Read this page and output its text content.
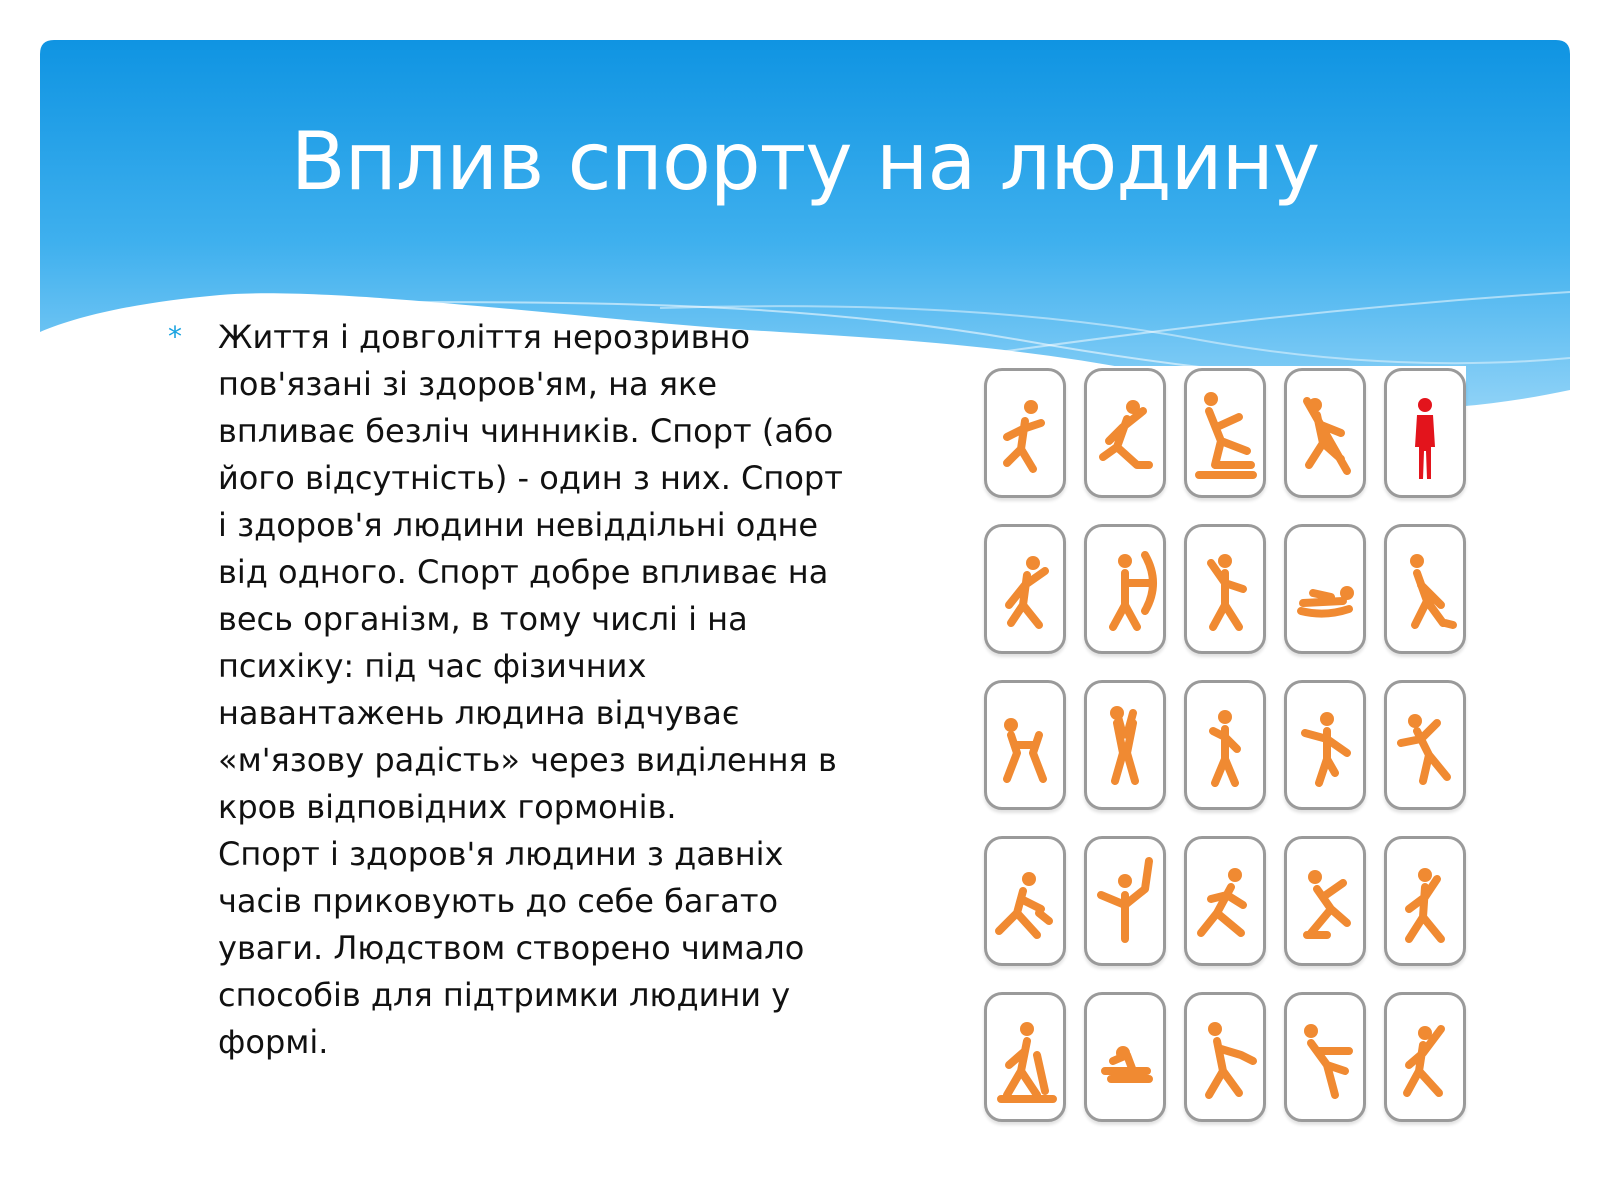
Вплив спорту на людину
* Життя і довголіття нерозривно
пов'язані зі здоров'ям, на яке
впливає безліч чинників. Спорт (або
його відсутність) - один з них. Спорт
і здоров'я людини невіддільні одне
від одного. Спорт добре впливає на
весь організм, в тому числі і на
психіку: під час фізичних
навантажень людина відчуває
«м'язову радість» через виділення в
кров відповідних гормонів.
Спорт і здоров'я людини з давніх
часів приковують до себе багато
уваги. Людством створено чимало
способів для підтримки людини у
формі.
